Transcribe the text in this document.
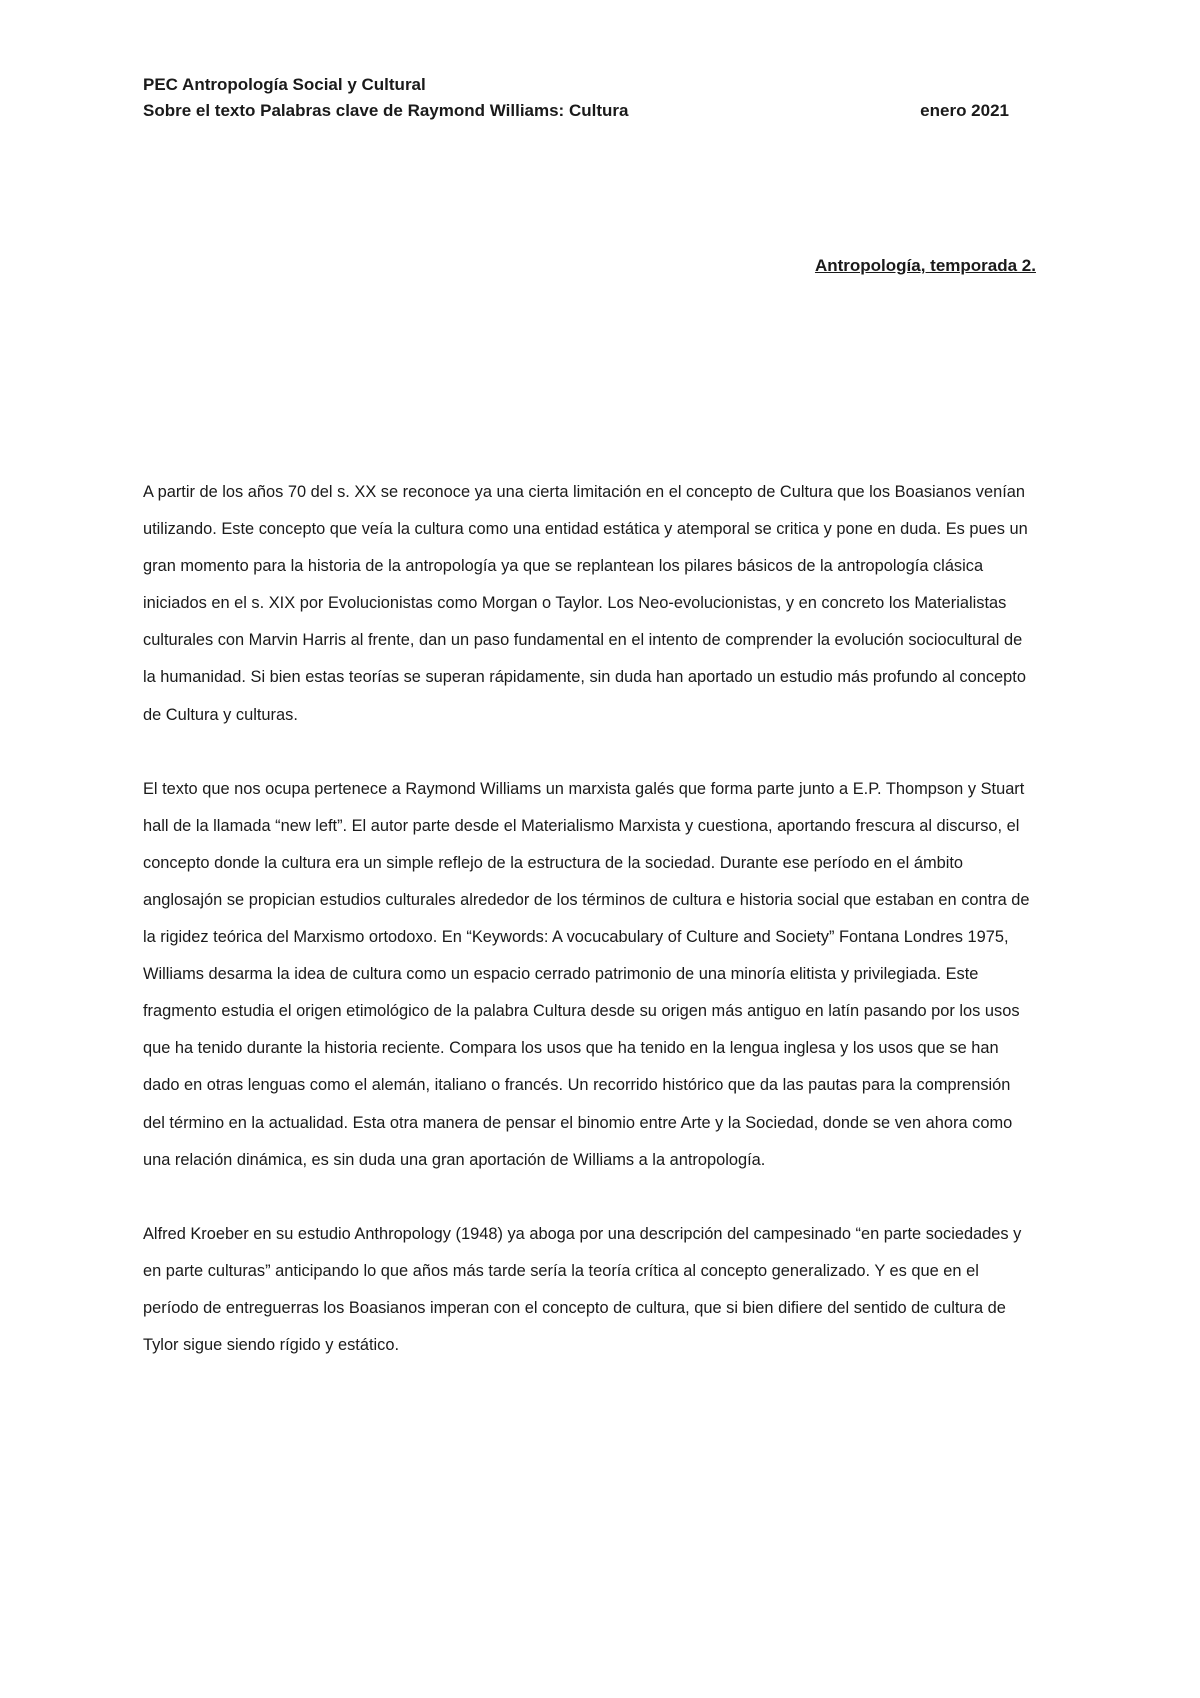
PEC Antropología Social y Cultural
Sobre el texto Palabras clave de Raymond Williams: Cultura	enero 2021
Antropología, temporada 2.

A partir de los años 70 del s. XX se reconoce ya una cierta limitación en el concepto de Cultura que los Boasianos venían utilizando. Este concepto que veía la cultura como una entidad estática y atemporal se critica y pone en duda. Es pues un gran momento para la historia de la antropología ya que se replantean los pilares básicos de la antropología clásica iniciados en el s. XIX por Evolucionistas como Morgan o Taylor. Los Neo-evolucionistas, y en concreto los Materialistas culturales con Marvin Harris al frente, dan un paso fundamental en el intento de comprender la evolución sociocultural de la humanidad. Si bien estas teorías se superan rápidamente, sin duda han aportado un estudio más profundo al concepto de Cultura y culturas.

El texto que nos ocupa pertenece a Raymond Williams un marxista galés que forma parte junto a E.P. Thompson y Stuart hall de la llamada “new left”. El autor parte desde el Materialismo Marxista y cuestiona, aportando frescura al discurso, el concepto donde la cultura era un simple reflejo de la estructura de la sociedad. Durante ese período en el ámbito anglosajón se propician estudios culturales alrededor de los términos de cultura e historia social que estaban en contra de la rigidez teórica del Marxismo ortodoxo. En “Keywords: A vocucabulary of Culture and Society” Fontana Londres 1975, Williams desarma la idea de cultura como un espacio cerrado patrimonio de una minoría elitista y privilegiada. Este fragmento estudia el origen etimológico de la palabra Cultura desde su origen más antiguo en latín pasando por los usos que ha tenido durante la historia reciente. Compara los usos que ha tenido en la lengua inglesa y los usos que se han dado en otras lenguas como el alemán, italiano o francés. Un recorrido histórico que da las pautas para la comprensión del término en la actualidad. Esta otra manera de pensar el binomio entre Arte y la Sociedad, donde se ven ahora como una relación dinámica, es sin duda una gran aportación de Williams a la antropología.

Alfred Kroeber en su estudio Anthropology (1948) ya aboga por una descripción del campesinado “en parte sociedades y en parte culturas” anticipando lo que años más tarde sería la teoría crítica al concepto generalizado. Y es que en el período de entreguerras los Boasianos imperan con el concepto de cultura, que si bien difiere del sentido de cultura de Tylor sigue siendo rígido y estático.
